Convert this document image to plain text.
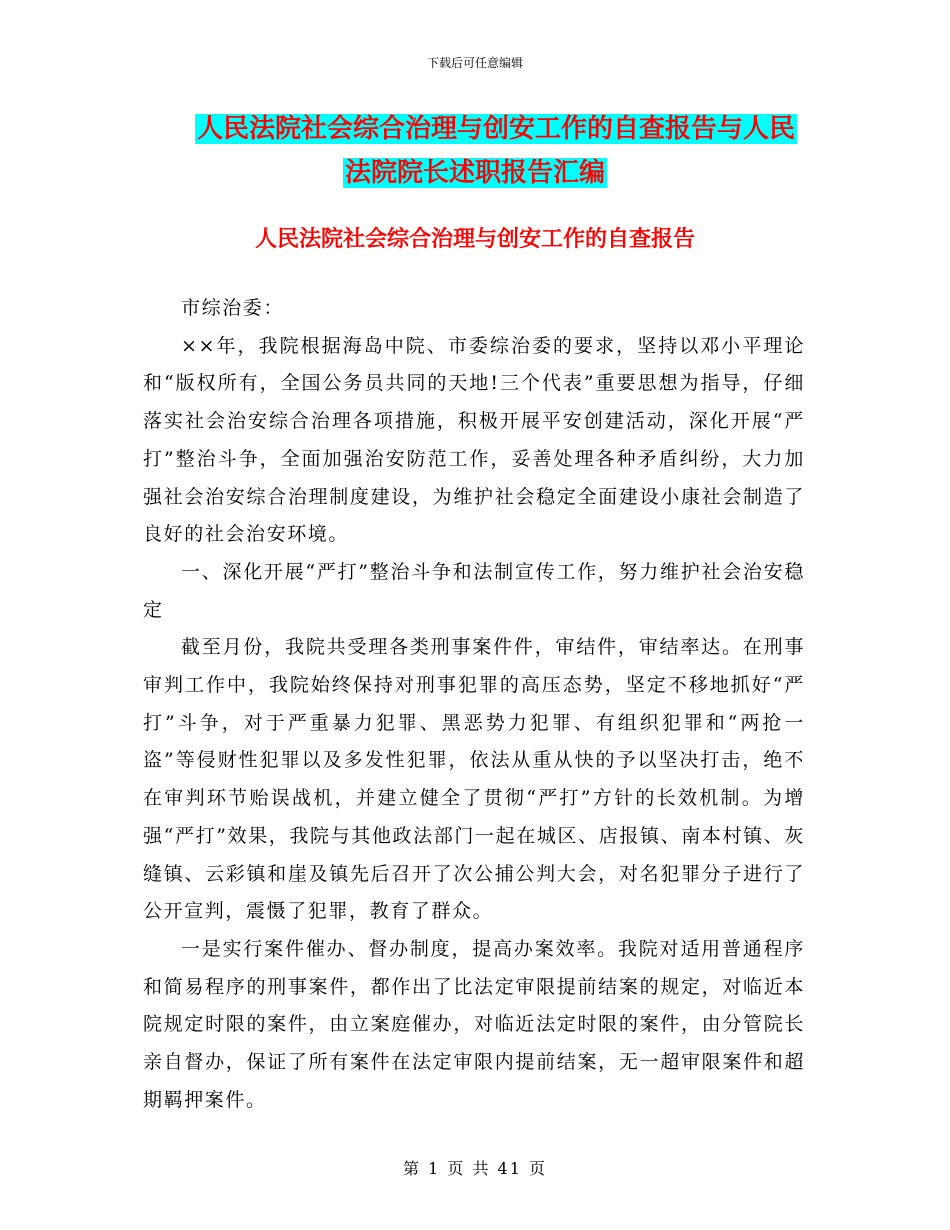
下载后可任意编辑
人民法院社会综合治理与创安工作的自查报告与人民
法院院长述职报告汇编
人民法院社会综合治理与创安工作的自查报告

市综治委：

××年，我院根据海岛中院、市委综治委的要求，坚持以邓小平理论和“版权所有，全国公务员共同的天地!三个代表”重要思想为指导，仔细落实社会治安综合治理各项措施，积极开展平安创建活动，深化开展“严打”整治斗争，全面加强治安防范工作，妥善处理各种矛盾纠纷，大力加强社会治安综合治理制度建设，为维护社会稳定全面建设小康社会制造了良好的社会治安环境。

一、深化开展“严打”整治斗争和法制宣传工作，努力维护社会治安稳定

截至月份，我院共受理各类刑事案件件，审结件，审结率达。在刑事审判工作中，我院始终保持对刑事犯罪的高压态势，坚定不移地抓好“严打”斗争，对于严重暴力犯罪、黑恶势力犯罪、有组织犯罪和“两抢一盗”等侵财性犯罪以及多发性犯罪，依法从重从快的予以坚决打击，绝不在审判环节贻误战机，并建立健全了贯彻“严打”方针的长效机制。为增强“严打”效果，我院与其他政法部门一起在城区、店报镇、南本村镇、灰缝镇、云彩镇和崖及镇先后召开了次公捕公判大会，对名犯罪分子进行了公开宣判，震慑了犯罪，教育了群众。

一是实行案件催办、督办制度，提高办案效率。我院对适用普通程序和简易程序的刑事案件，都作出了比法定审限提前结案的规定，对临近本院规定时限的案件，由立案庭催办，对临近法定时限的案件，由分管院长亲自督办，保证了所有案件在法定审限内提前结案，无一超审限案件和超期羁押案件。

第 1 页 共 41 页
